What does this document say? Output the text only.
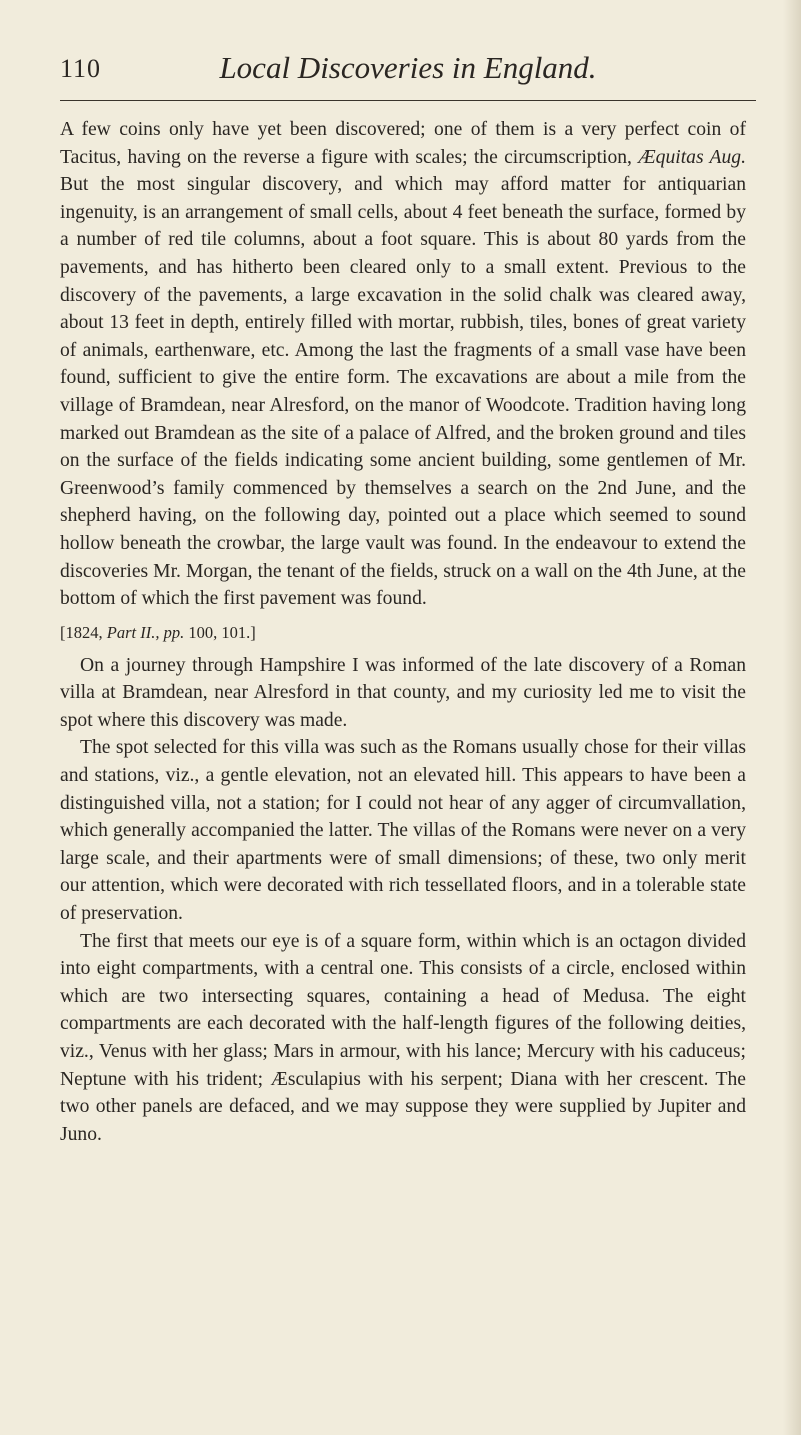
110	Local Discoveries in England.

A few coins only have yet been discovered; one of them is a very perfect coin of Tacitus, having on the reverse a figure with scales; the circumscription, Æquitas Aug. But the most singular discovery, and which may afford matter for antiquarian ingenuity, is an arrangement of small cells, about 4 feet beneath the surface, formed by a number of red tile columns, about a foot square. This is about 80 yards from the pavements, and has hitherto been cleared only to a small extent. Previous to the discovery of the pavements, a large excavation in the solid chalk was cleared away, about 13 feet in depth, entirely filled with mortar, rubbish, tiles, bones of great variety of animals, earthenware, etc. Among the last the fragments of a small vase have been found, sufficient to give the entire form. The excavations are about a mile from the village of Bramdean, near Alresford, on the manor of Woodcote. Tradition having long marked out Bramdean as the site of a palace of Alfred, and the broken ground and tiles on the surface of the fields indicating some ancient building, some gentlemen of Mr. Greenwood’s family commenced by themselves a search on the 2nd June, and the shepherd having, on the following day, pointed out a place which seemed to sound hollow beneath the crowbar, the large vault was found. In the endeavour to extend the discoveries Mr. Morgan, the tenant of the fields, struck on a wall on the 4th June, at the bottom of which the first pavement was found.

[1824, Part II., pp. 100, 101.]

On a journey through Hampshire I was informed of the late discovery of a Roman villa at Bramdean, near Alresford in that county, and my curiosity led me to visit the spot where this discovery was made.

The spot selected for this villa was such as the Romans usually chose for their villas and stations, viz., a gentle elevation, not an elevated hill. This appears to have been a distinguished villa, not a station; for I could not hear of any agger of circumvallation, which generally accompanied the latter. The villas of the Romans were never on a very large scale, and their apartments were of small dimensions; of these, two only merit our attention, which were decorated with rich tessellated floors, and in a tolerable state of preservation.

The first that meets our eye is of a square form, within which is an octagon divided into eight compartments, with a central one. This consists of a circle, enclosed within which are two intersecting squares, containing a head of Medusa. The eight compartments are each decorated with the half-length figures of the following deities, viz., Venus with her glass; Mars in armour, with his lance; Mercury with his caduceus; Neptune with his trident; Æsculapius with his serpent; Diana with her crescent. The two other panels are defaced, and we may suppose they were supplied by Jupiter and Juno.
